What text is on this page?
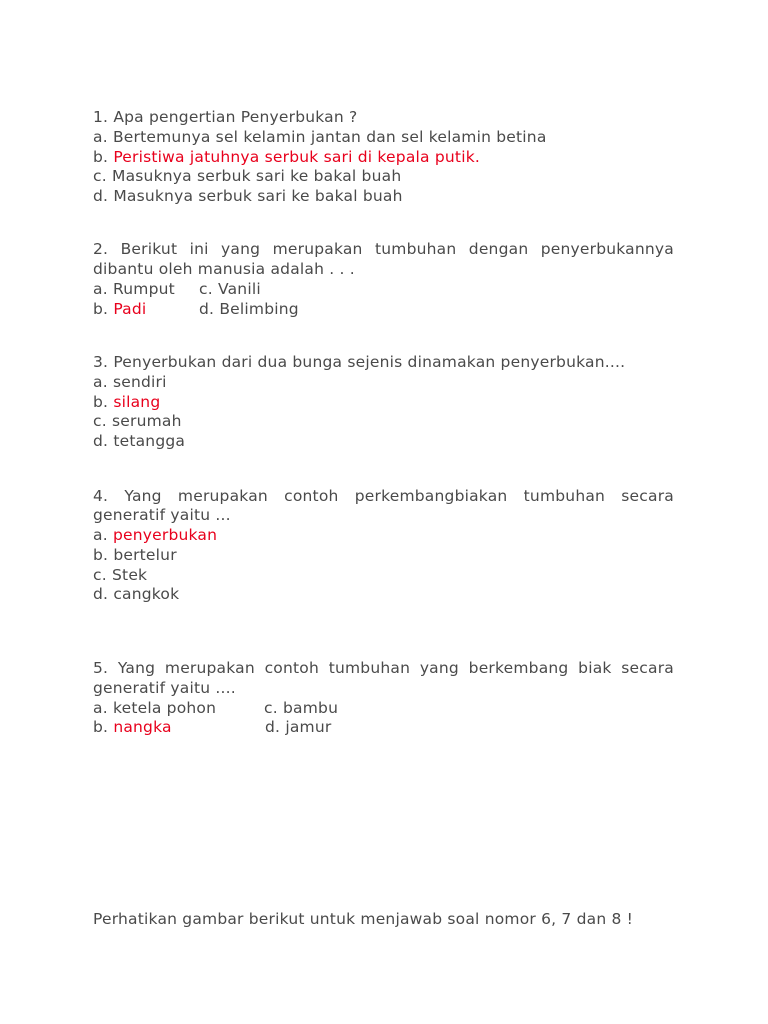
1. Apa pengertian Penyerbukan ?
a. Bertemunya sel kelamin jantan dan sel kelamin betina
b. Peristiwa jatuhnya serbuk sari di kepala putik.
c. Masuknya serbuk sari ke bakal buah
d. Masuknya serbuk sari ke bakal buah
2. Berikut ini yang merupakan tumbuhan dengan penyerbukannya
dibantu oleh manusia adalah . . .
a. Rumput c. Vanili
b. Padi	d. Belimbing
3. Penyerbukan dari dua bunga sejenis dinamakan penyerbukan....
a. sendiri
b. silang
c. serumah
d. tetangga
4. Yang merupakan contoh perkembangbiakan tumbuhan secara
generatif yaitu ...
a. penyerbukan
b. bertelur
c. Stek
d. cangkok
5. Yang merupakan contoh tumbuhan yang berkembang biak secara
generatif yaitu ....
a. ketela pohon	c. bambu
b. nangka	d. jamur
Perhatikan gambar berikut untuk menjawab soal nomor 6, 7 dan 8 !
